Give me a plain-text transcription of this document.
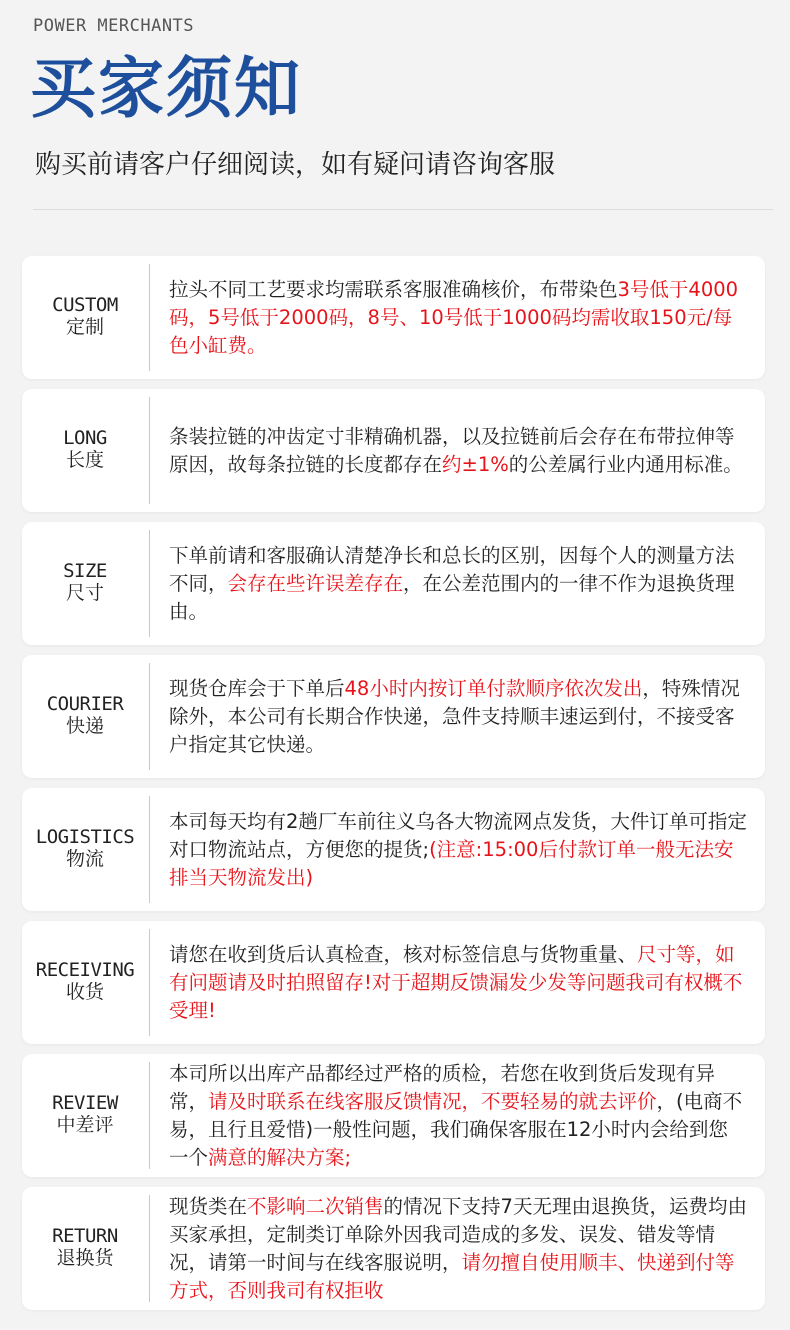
POWER MERCHANTS
买家须知
购买前请客户仔细阅读，如有疑问请咨询客服
CUSTOM
定制
拉头不同工艺要求均需联系客服准确核价，布带染色3号低于4000码，5号低于2000码，8号、10号低于1000码均需收取150元/每色小缸费。
LONG
长度
条装拉链的冲齿定寸非精确机器，以及拉链前后会存在布带拉伸等原因，故每条拉链的长度都存在约±1%的公差属行业内通用标准。
SIZE
尺寸
下单前请和客服确认清楚净长和总长的区别，因每个人的测量方法不同，会存在些许误差存在，在公差范围内的一律不作为退换货理由。
COURIER
快递
现货仓库会于下单后48小时内按订单付款顺序依次发出，特殊情况除外，本公司有长期合作快递，急件支持顺丰速运到付，不接受客户指定其它快递。
LOGISTICS
物流
本司每天均有2趟厂车前往义乌各大物流网点发货，大件订单可指定对口物流站点，方便您的提货;(注意:15:00后付款订单一般无法安排当天物流发出)
RECEIVING
收货
请您在收到货后认真检查，核对标签信息与货物重量、尺寸等，如有问题请及时拍照留存!对于超期反馈漏发少发等问题我司有权概不受理!
REVIEW
中差评
本司所以出库产品都经过严格的质检，若您在收到货后发现有异常，请及时联系在线客服反馈情况，不要轻易的就去评价，(电商不易，且行且爱惜)一般性问题，我们确保客服在12小时内会给到您一个满意的解决方案;
RETURN
退换货
现货类在不影响二次销售的情况下支持7天无理由退换货，运费均由买家承担，定制类订单除外因我司造成的多发、误发、错发等情况，请第一时间与在线客服说明，请勿擅自使用顺丰、快递到付等方式，否则我司有权拒收
